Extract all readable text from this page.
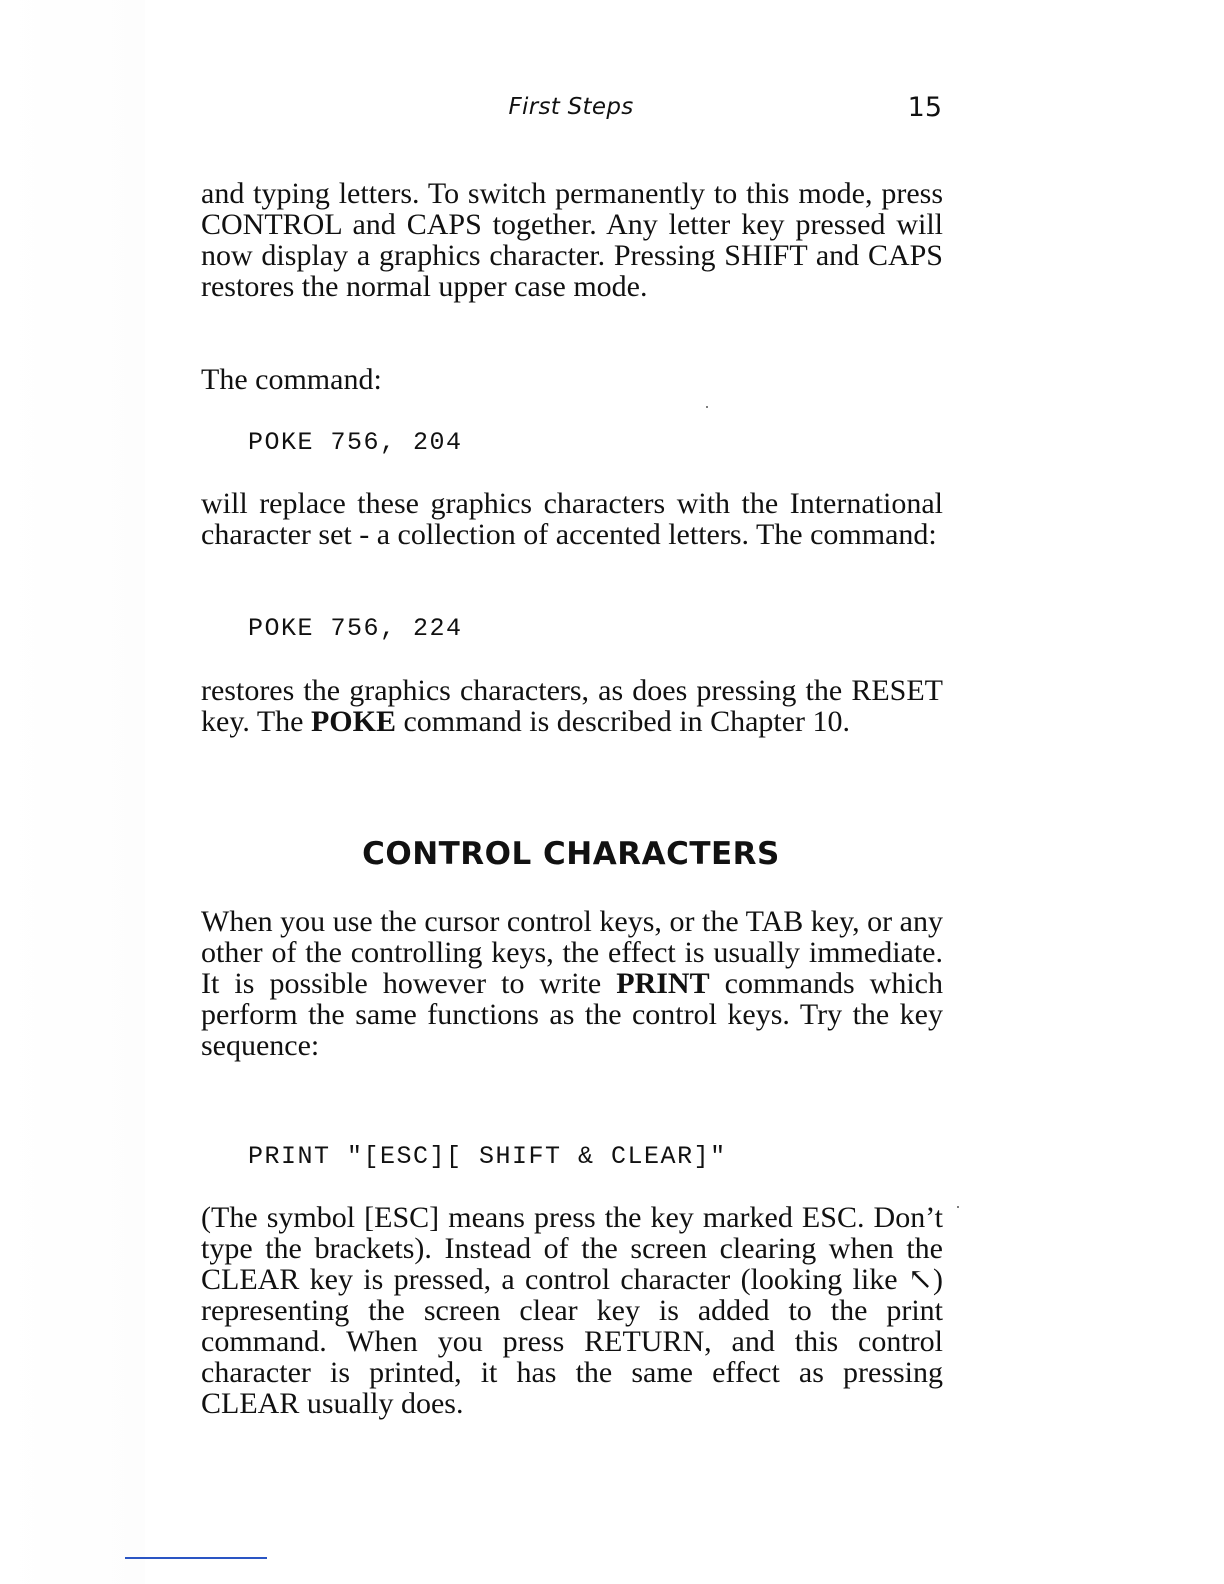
First Steps	15

and typing letters. To switch permanently to this mode, press CONTROL and CAPS together. Any letter key pressed will now display a graphics character. Pressing SHIFT and CAPS restores the normal upper case mode.

The command:

POKE 756, 204

will replace these graphics characters with the International character set - a collection of accented letters. The command:

POKE 756, 224

restores the graphics characters, as does pressing the RESET key. The POKE command is described in Chapter 10.

CONTROL CHARACTERS

When you use the cursor control keys, or the TAB key, or any other of the controlling keys, the effect is usually immediate. It is possible however to write PRINT commands which perform the same functions as the control keys. Try the key sequence:

PRINT "[ESC][ SHIFT & CLEAR]"

(The symbol [ESC] means press the key marked ESC. Don’t type the brackets). Instead of the screen clearing when the CLEAR key is pressed, a control character (looking like ↖) representing the screen clear key is added to the print command. When you press RETURN, and this control character is printed, it has the same effect as pressing CLEAR usually does.
